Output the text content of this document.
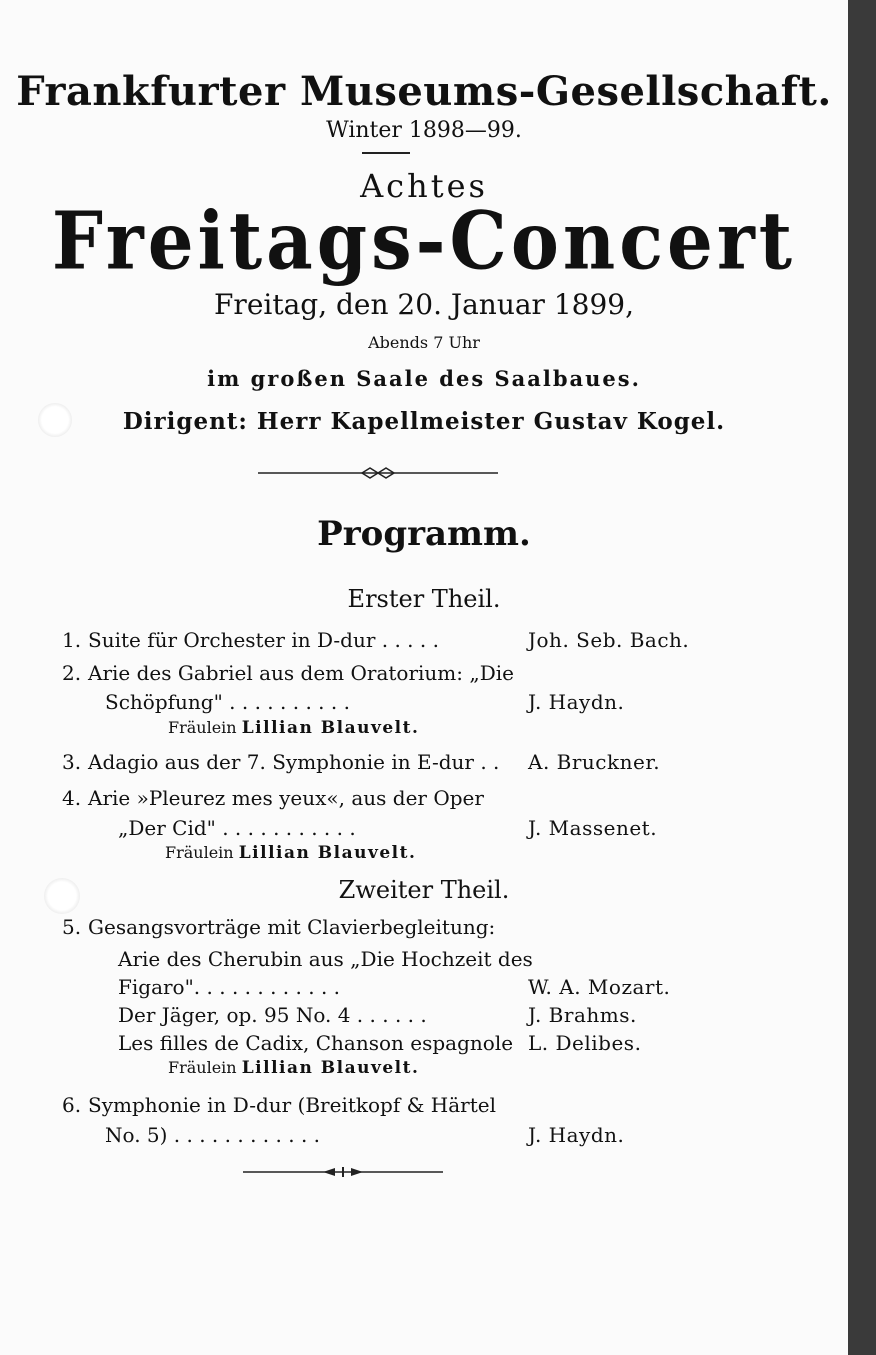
Frankfurter Museums-Gesellschaft.
Winter 1898—99.
Achtes
Freitags-Concert
Freitag, den 20. Januar 1899,
Abends 7 Uhr
im großen Saale des Saalbaues.
Dirigent: Herr Kapellmeister Gustav Kogel.
Programm.
Erster Theil.
1. Suite für Orchester in D-dur . . . . .	Joh. Seb. Bach.
2. Arie des Gabriel aus dem Oratorium: „Die
Schöpfung" . . . . . . . . . .	J. Haydn.
Fräulein Lillian Blauvelt.
3. Adagio aus der 7. Symphonie in E-dur . . A. Bruckner.
4. Arie »Pleurez mes yeux«, aus der Oper
„Der Cid" . . . . . . . . . . .	J. Massenet.
Fräulein Lillian Blauvelt.
Zweiter Theil.
5. Gesangsvorträge mit Clavierbegleitung:
Arie des Cherubin aus „Die Hochzeit des
Figaro". . . . . . . . . . . .	W. A. Mozart.
Der Jäger, op. 95 No. 4 . . . . . .	J. Brahms.
Les filles de Cadix, Chanson espagnole L. Delibes.
Fräulein Lillian Blauvelt.
6. Symphonie in D-dur (Breitkopf & Härtel
No. 5) . . . . . . . . . . . .	J. Haydn.
